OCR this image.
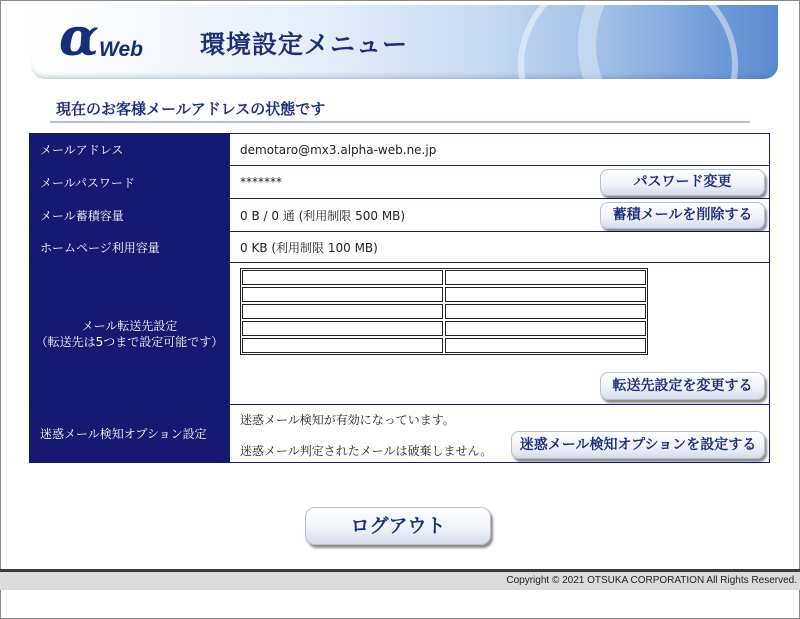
α Web 環境設定メニュー
現在のお客様メールアドレスの状態です
メールアドレス	demotaro@mx3.alpha-web.ne.jp
メールパスワード	******* パスワード変更

メール蓄積容量	0 B / 0 通 (利用制限 500 MB) 蓄積メールを削除する

ホームページ利用容量	0 KB (利用制限 100 MB)

メール転送先設定
（転送先は5つまで設定可能です）	転送先設定を変更する

迷惑メール検知オプション設定	迷惑メール検知が有効になっています。
迷惑メール判定されたメールは破棄しません。 迷惑メール検知オプションを設定する
ログアウト
Copyright © 2021 OTSUKA CORPORATION All Rights Reserved.
